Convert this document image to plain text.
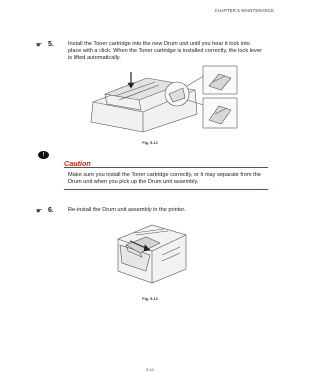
CHAPTER 5 MAINTENANCE
☛ 5.	Install the Toner cartridge into the new Drum unit until you hear it lock into place with a click. When the Toner cartridge is installed correctly, the lock lever is lifted automatically.
Fig. 5-12
!
Caution
Make sure you install the Toner cartridge correctly, or it may separate from the Drum unit when you pick up the Drum unit assembly.
☛ 6.	Re-install the Drum unit assembly in the printer.
Fig. 5-13
5-10
